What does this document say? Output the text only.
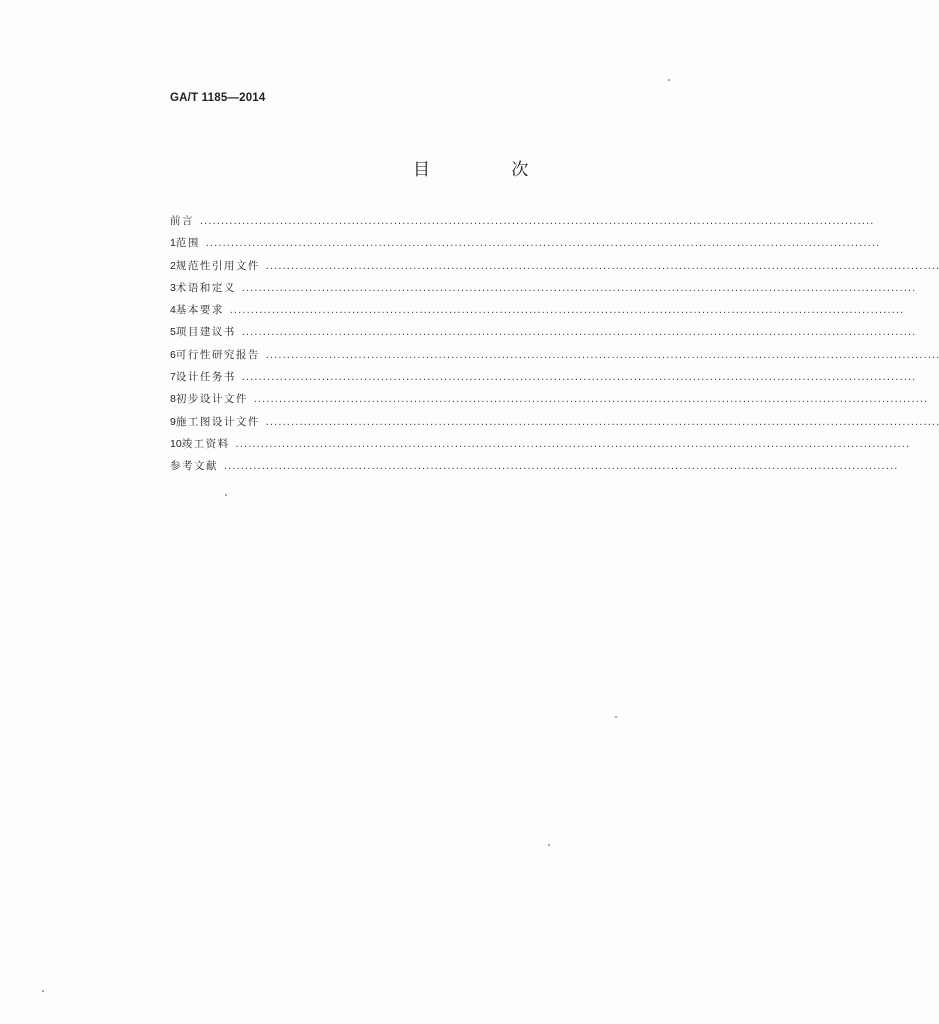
GA/T 1185—2014
目 次
前言 ................................................................................................................................................................
1 范围 ................................................................................................................................................................
2 规范性引用文件 ................................................................................................................................................................
3 术语和定义 ................................................................................................................................................................
4 基本要求 ................................................................................................................................................................
5 项目建议书 ................................................................................................................................................................
6 可行性研究报告 ................................................................................................................................................................
7 设计任务书 ................................................................................................................................................................
8 初步设计文件 ................................................................................................................................................................
9 施工图设计文件 ................................................................................................................................................................
10 竣工资料 ................................................................................................................................................................
参考文献 ................................................................................................................................................................
